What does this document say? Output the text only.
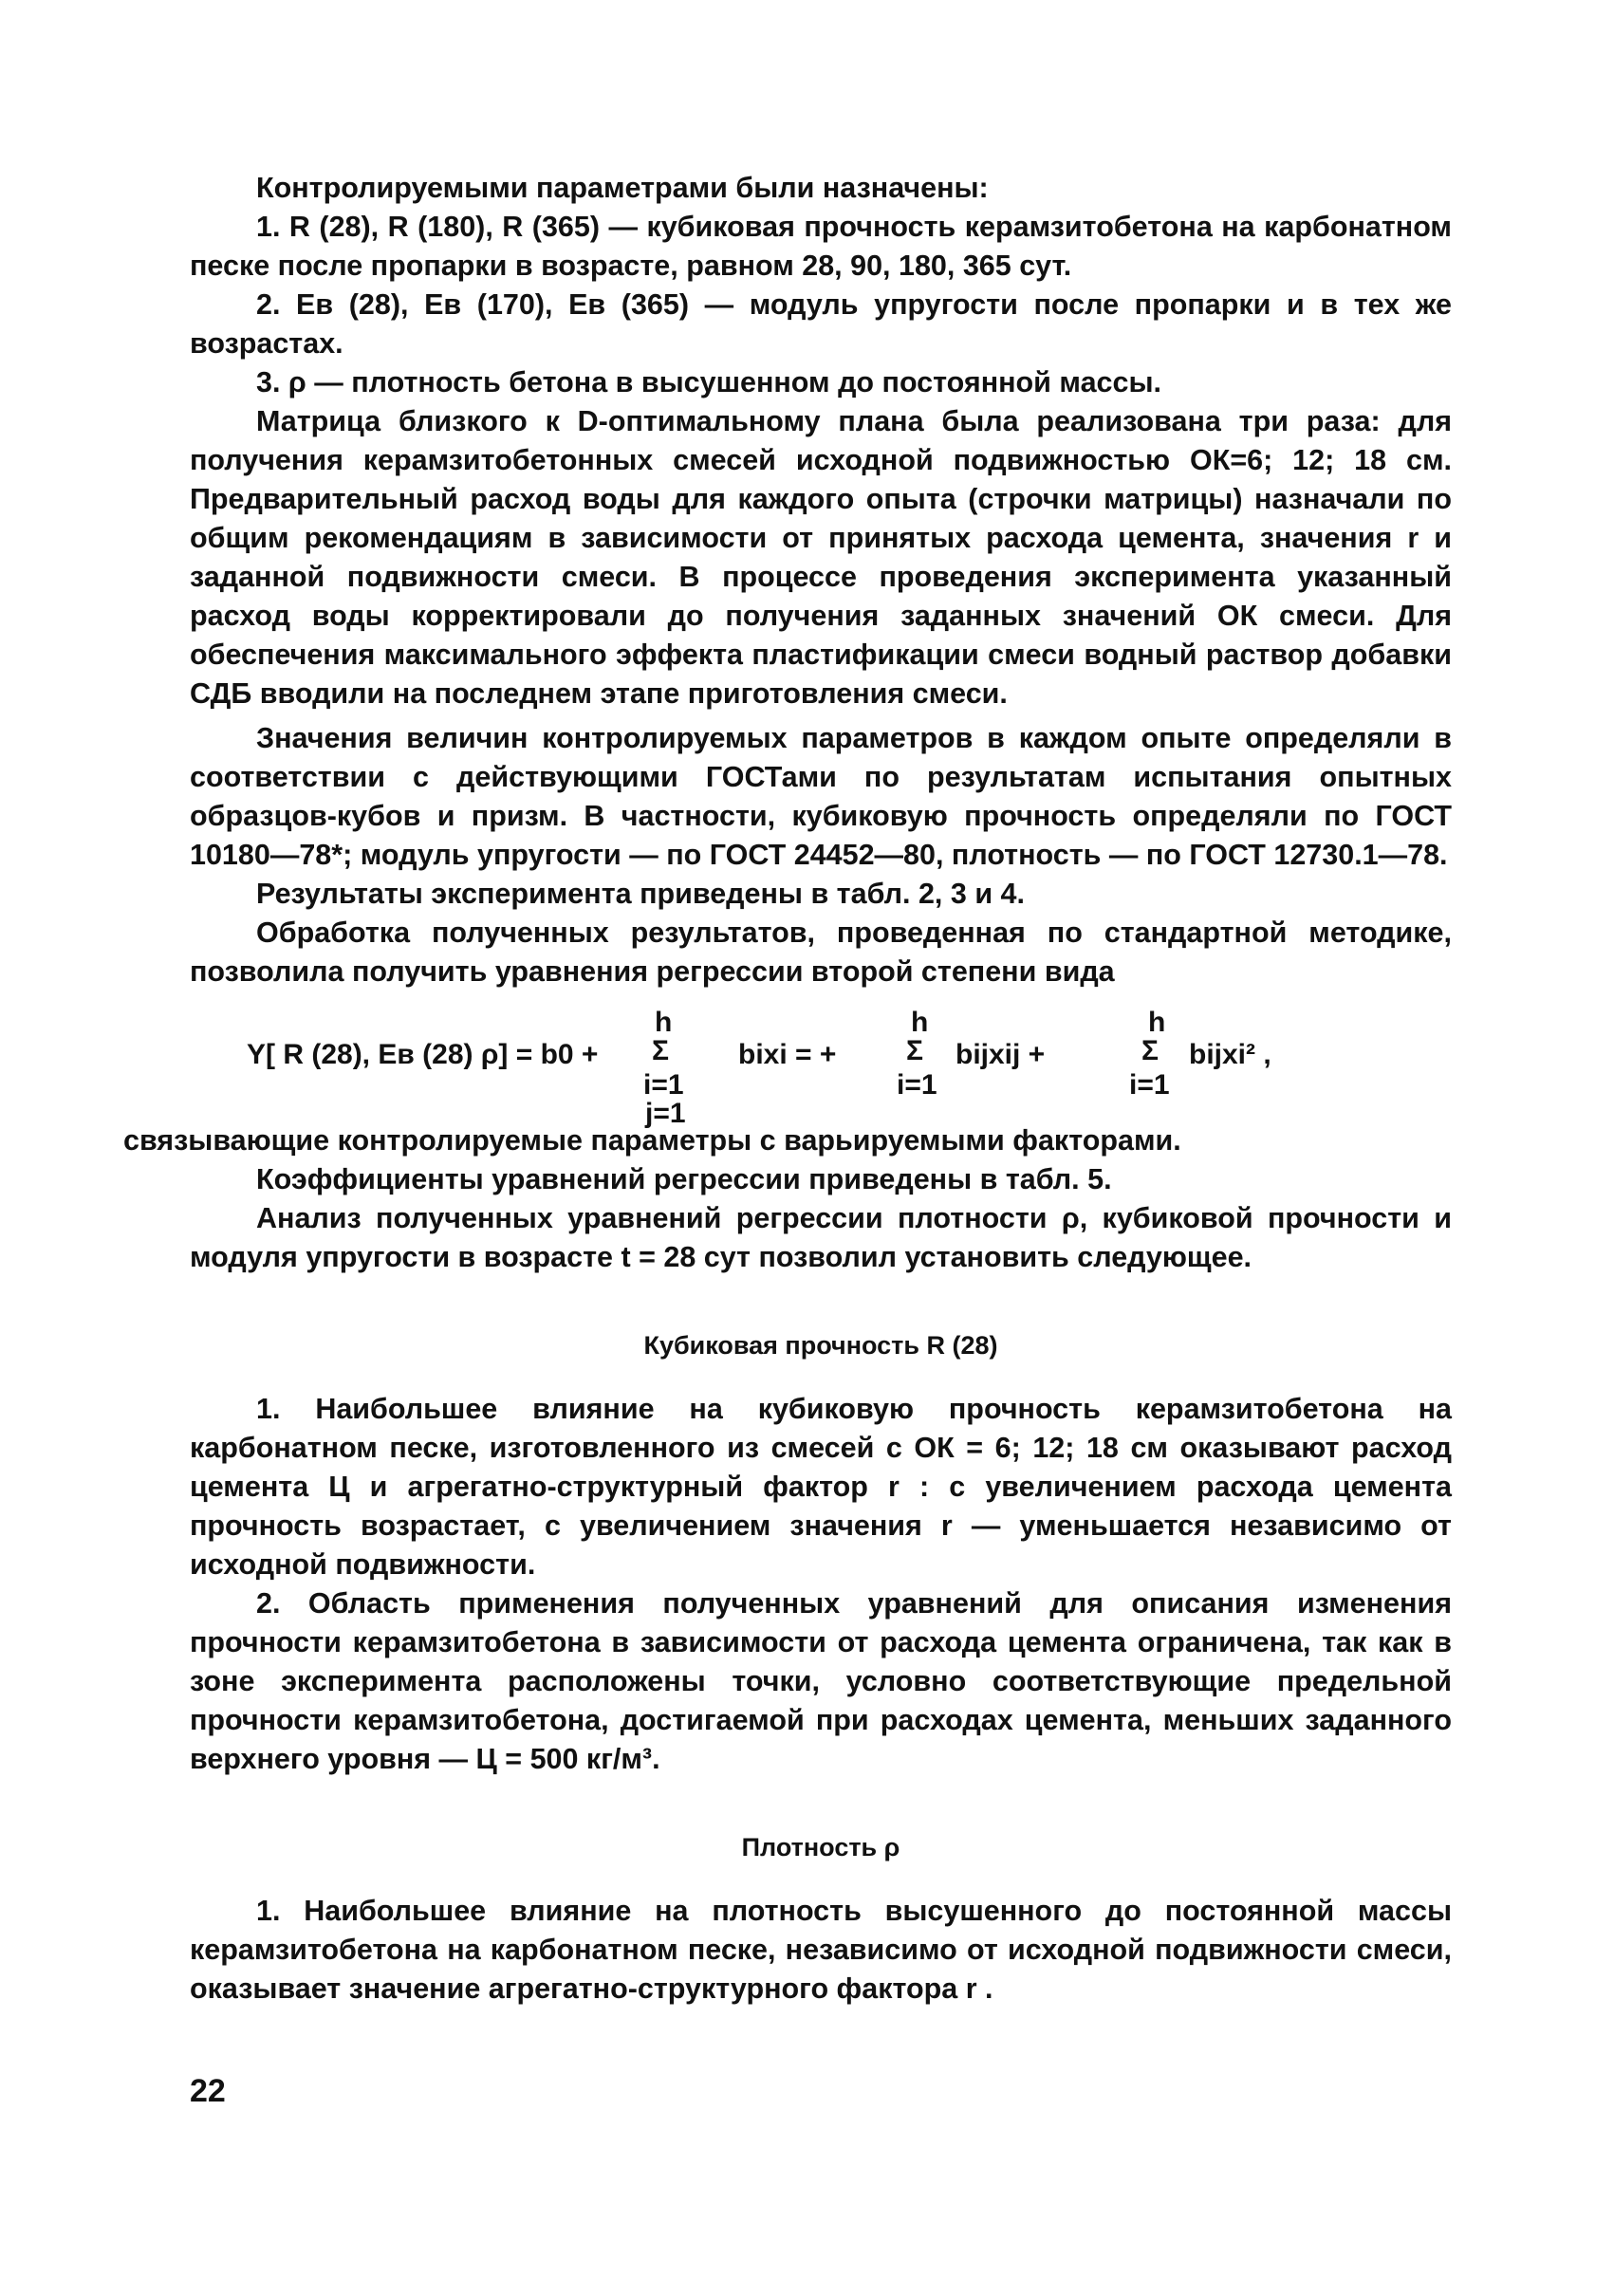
Контролируемыми параметрами были назначены:

1. R (28), R (180), R (365) — кубиковая прочность керамзитобетона на карбонатном песке после пропарки в возрасте, равном 28, 90, 180, 365 сут.

2. Eв (28), Eв (170), Eв (365) — модуль упругости после пропарки и в тех же возрастах.

3. ρ — плотность бетона в высушенном до постоянной массы.

Матрица близкого к D-оптимальному плана была реализована три раза: для получения керамзитобетонных смесей исходной подвижностью ОК=6; 12; 18 см. Предварительный расход воды для каждого опыта (строчки матрицы) назначали по общим рекомендациям в зависимости от принятых расхода цемента, значения r и заданной подвижности смеси. В процессе проведения эксперимента указанный расход воды корректировали до получения заданных значений ОК смеси. Для обеспечения максимального эффекта пластификации смеси водный раствор добавки СДБ вводили на последнем этапе приготовления смеси.

Значения величин контролируемых параметров в каждом опыте определяли в соответствии с действующими ГОСТами по результатам испытания опытных образцов-кубов и призм. В частности, кубиковую прочность определяли по ГОСТ 10180—78*; модуль упругости — по ГОСТ 24452—80, плотность — по ГОСТ 12730.1—78.

Результаты эксперимента приведены в табл. 2, 3 и 4.

Обработка полученных результатов, проведенная по стандартной методике, позволила получить уравнения регрессии второй степени вида

h	h	h
Y[ R (28), Eв (28) ρ] = b0 + Σ bixi = + Σ bijxij +	Σ bijxi² ,
i=1	i=1	i=1
j=1

связывающие контролируемые параметры с варьируемыми факторами.

Коэффициенты уравнений регрессии приведены в табл. 5.

Анализ полученных уравнений регрессии плотности ρ, кубиковой прочности и модуля упругости в возрасте t = 28 сут позволил установить следующее.

Кубиковая прочность R (28)

1. Наибольшее влияние на кубиковую прочность керамзитобетона на карбонатном песке, изготовленного из смесей с ОК = 6; 12; 18 см оказывают расход цемента Ц и агрегатно-структурный фактор r : с увеличением расхода цемента прочность возрастает, с увеличением значения r — уменьшается независимо от исходной подвижности.

2. Область применения полученных уравнений для описания изменения прочности керамзитобетона в зависимости от расхода цемента ограничена, так как в зоне эксперимента расположены точки, условно соответствующие предельной прочности керамзитобетона, достигаемой при расходах цемента, меньших заданного верхнего уровня — Ц = 500 кг/м³.

Плотность ρ

1. Наибольшее влияние на плотность высушенного до постоянной массы керамзитобетона на карбонатном песке, независимо от исходной подвижности смеси, оказывает значение агрегатно-структурного фактора r .

22
